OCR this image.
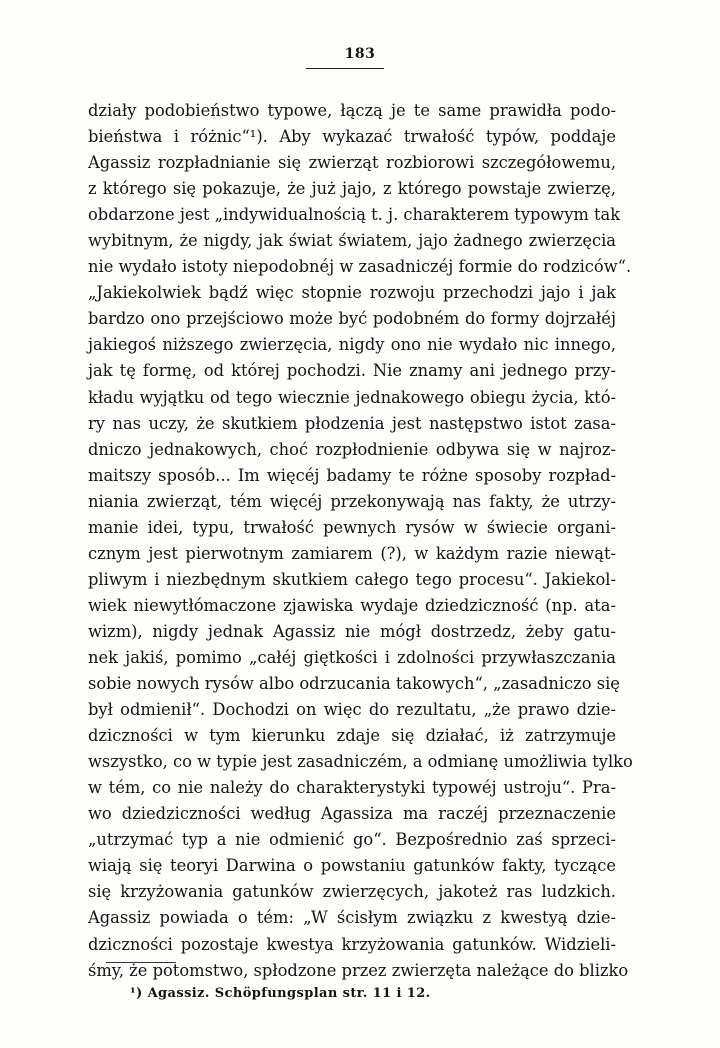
183
działy podobieństwo typowe, łączą je te same prawidła podo-
bieństwa i różnic“¹). Aby wykazać trwałość typów, poddaje
Agassiz rozpładnianie się zwierząt rozbiorowi szczegółowemu,
z którego się pokazuje, że już jajo, z którego powstaje zwierzę,
obdarzone jest „indywidualnością t. j. charakterem typowym tak
wybitnym, że nigdy, jak świat światem, jajo żadnego zwierzęcia
nie wydało istoty niepodobnéj w zasadniczéj formie do rodziców“.
„Jakiekolwiek bądź więc stopnie rozwoju przechodzi jajo i jak
bardzo ono przejściowo może być podobném do formy dojrzałéj
jakiegoś niższego zwierzęcia, nigdy ono nie wydało nic innego,
jak tę formę, od której pochodzi. Nie znamy ani jednego przy-
kładu wyjątku od tego wiecznie jednakowego obiegu życia, któ-
ry nas uczy, że skutkiem płodzenia jest następstwo istot zasa-
dniczo jednakowych, choć rozpłodnienie odbywa się w najroz-
maitszy sposób... Im więcéj badamy te różne sposoby rozpład-
niania zwierząt, tém więcéj przekonywają nas fakty, że utrzy-
manie idei, typu, trwałość pewnych rysów w świecie organi-
cznym jest pierwotnym zamiarem (?), w każdym razie niewąt-
pliwym i niezbędnym skutkiem całego tego procesu“. Jakiekol-
wiek niewytłómaczone zjawiska wydaje dziedziczność (np. ata-
wizm), nigdy jednak Agassiz nie mógł dostrzedz, żeby gatu-
nek jakiś, pomimo „całéj giętkości i zdolności przywłaszczania
sobie nowych rysów albo odrzucania takowych“, „zasadniczo się
był odmienił“. Dochodzi on więc do rezultatu, „że prawo dzie-
dziczności w tym kierunku zdaje się działać, iż zatrzymuje
wszystko, co w typie jest zasadniczém, a odmianę umożliwia tylko
w tém, co nie należy do charakterystyki typowéj ustroju“. Pra-
wo dziedziczności według Agassiza ma raczéj przeznaczenie
„utrzymać typ a nie odmienić go“. Bezpośrednio zaś sprzeci-
wiają się teoryi Darwina o powstaniu gatunków fakty, tyczące
się krzyżowania gatunków zwierzęcych, jakoteż ras ludzkich.
Agassiz powiada o tém: „W ścisłym związku z kwestyą dzie-
dziczności pozostaje kwestya krzyżowania gatunków. Widzieli-
śmy, że potomstwo, spłodzone przez zwierzęta należące do blizko
¹) Agassiz. Schöpfungsplan str. 11 i 12.
